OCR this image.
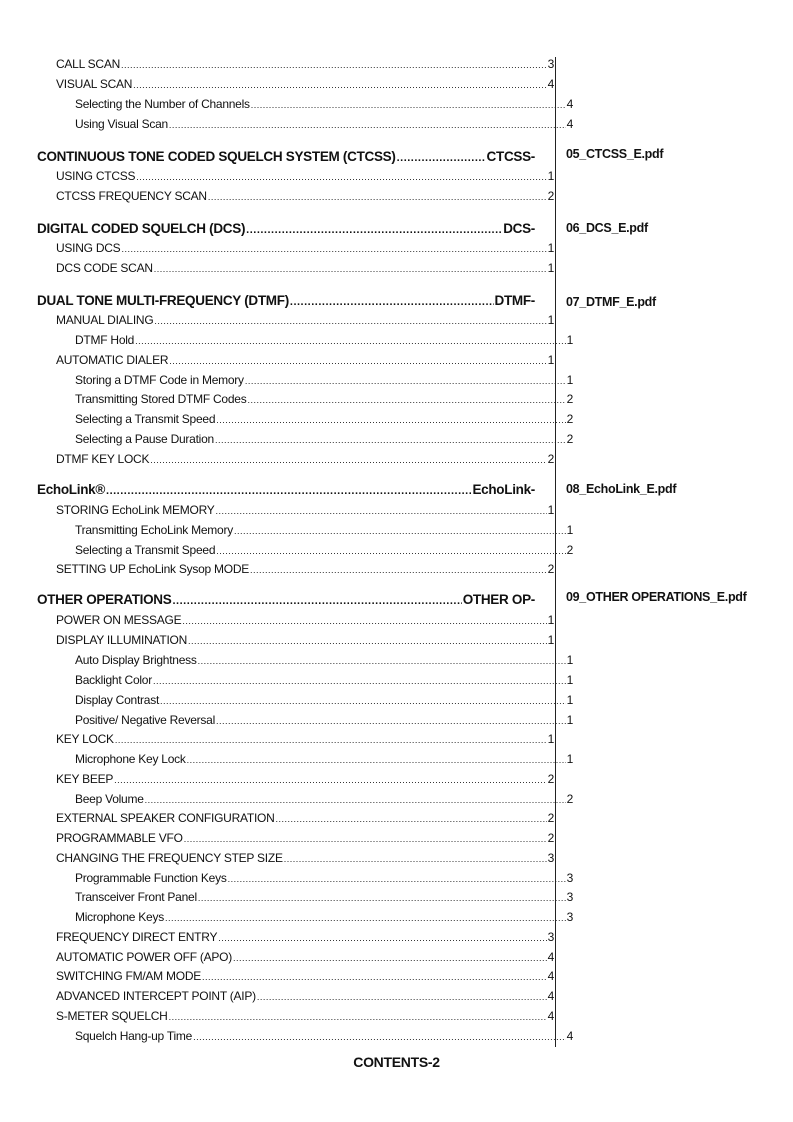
CALL SCAN .....	3
VISUAL SCAN .....	4
Selecting the Number of Channels .....	4
Using Visual Scan .....	4
CONTINUOUS TONE CODED SQUELCH SYSTEM (CTCSS) .....	CTCSS-
USING CTCSS .....	1
CTCSS FREQUENCY SCAN .....	2
DIGITAL CODED SQUELCH (DCS) .....	DCS-
USING DCS .....	1
DCS CODE SCAN .....	1
DUAL TONE MULTI-FREQUENCY (DTMF) .....	DTMF-
MANUAL DIALING .....	1
DTMF Hold .....	1
AUTOMATIC DIALER .....	1
Storing a DTMF Code in Memory .....	1
Transmitting Stored DTMF Codes .....	2
Selecting a Transmit Speed .....	2
Selecting a Pause Duration .....	2
DTMF KEY LOCK .....	2
EchoLink® .....	EchoLink-
STORING EchoLink MEMORY .....	1
Transmitting EchoLink Memory .....	1
Selecting a Transmit Speed .....	2
SETTING UP EchoLink Sysop MODE .....	2
OTHER OPERATIONS .....	OTHER OP-
POWER ON MESSAGE .....	1
DISPLAY ILLUMINATION .....	1
Auto Display Brightness .....	1
Backlight Color .....	1
Display Contrast .....	1
Positive/ Negative Reversal .....	1
KEY LOCK .....	1
Microphone Key Lock .....	1
KEY BEEP .....	2
Beep Volume .....	2
EXTERNAL SPEAKER CONFIGURATION .....	2
PROGRAMMABLE VFO .....	2
CHANGING THE FREQUENCY STEP SIZE .....	3
Programmable Function Keys .....	3
Transceiver Front Panel .....	3
Microphone Keys .....	3
FREQUENCY DIRECT ENTRY .....	3
AUTOMATIC POWER OFF (APO) .....	4
SWITCHING FM/AM MODE .....	4
ADVANCED INTERCEPT POINT (AIP) .....	4
S-METER SQUELCH .....	4
Squelch Hang-up Time .....	4
05_CTCSS_E.pdf
06_DCS_E.pdf
07_DTMF_E.pdf
08_EchoLink_E.pdf
09_OTHER OPERATIONS_E.pdf
CONTENTS-2
